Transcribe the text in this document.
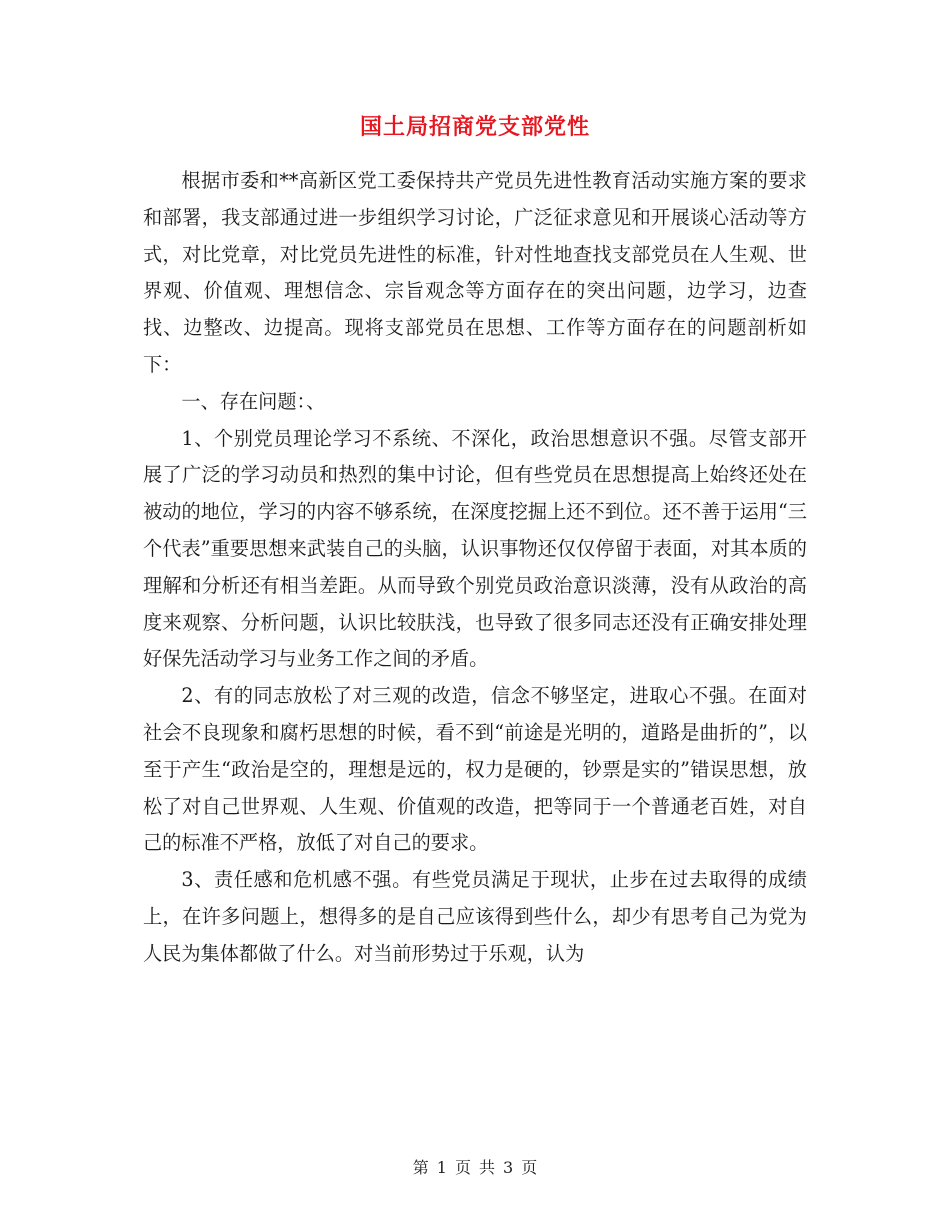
国土局招商党支部党性

根据市委和**高新区党工委保持共产党员先进性教育活动实施方案的要求和部署，我支部通过进一步组织学习讨论，广泛征求意见和开展谈心活动等方式，对比党章，对比党员先进性的标准，针对性地查找支部党员在人生观、世界观、价值观、理想信念、宗旨观念等方面存在的突出问题，边学习，边查找、边整改、边提高。现将支部党员在思想、工作等方面存在的问题剖析如下：

一、存在问题：、

1、个别党员理论学习不系统、不深化，政治思想意识不强。尽管支部开展了广泛的学习动员和热烈的集中讨论，但有些党员在思想提高上始终还处在被动的地位，学习的内容不够系统，在深度挖掘上还不到位。还不善于运用“三个代表”重要思想来武装自己的头脑，认识事物还仅仅停留于表面，对其本质的理解和分析还有相当差距。从而导致个别党员政治意识淡薄，没有从政治的高度来观察、分析问题，认识比较肤浅，也导致了很多同志还没有正确安排处理好保先活动学习与业务工作之间的矛盾。

2、有的同志放松了对三观的改造，信念不够坚定，进取心不强。在面对社会不良现象和腐朽思想的时候，看不到“前途是光明的，道路是曲折的”，以至于产生“政治是空的，理想是远的，权力是硬的，钞票是实的”错误思想，放松了对自己世界观、人生观、价值观的改造，把等同于一个普通老百姓，对自己的标准不严格，放低了对自己的要求。

3、责任感和危机感不强。有些党员满足于现状，止步在过去取得的成绩上，在许多问题上，想得多的是自己应该得到些什么，却少有思考自己为党为人民为集体都做了什么。对当前形势过于乐观，认为

第 1 页 共 3 页
